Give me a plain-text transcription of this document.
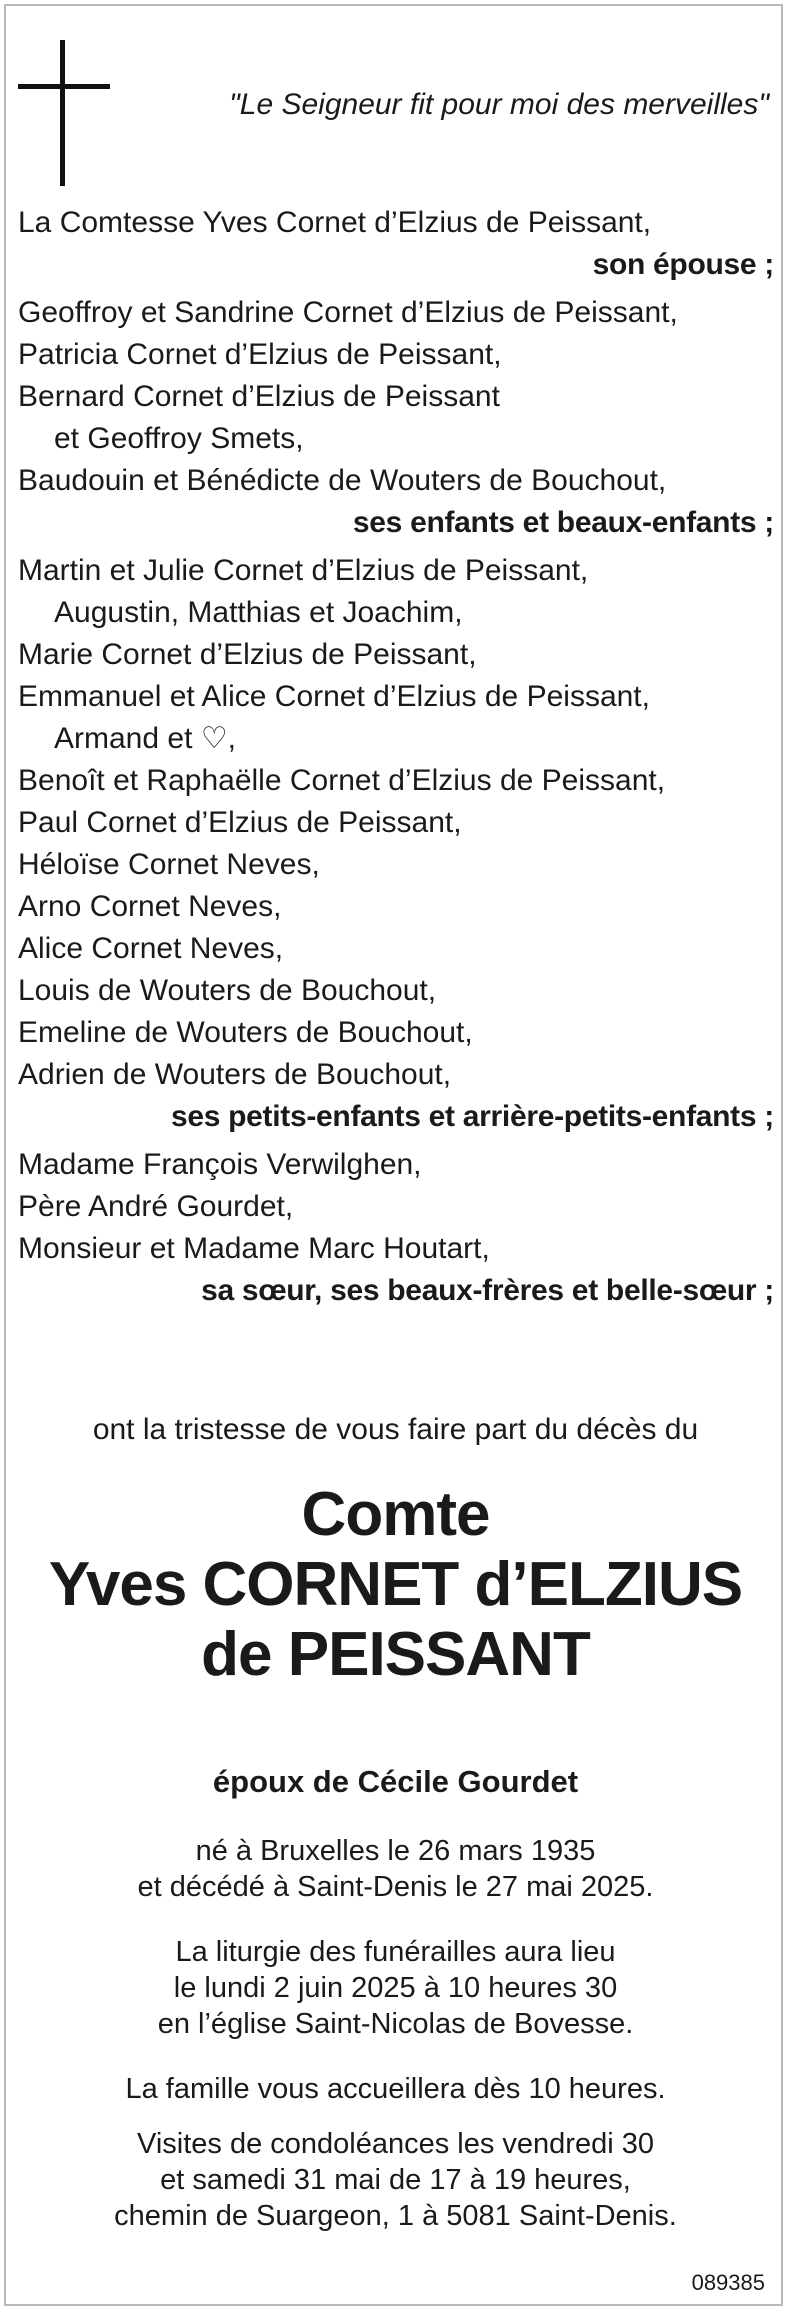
"Le Seigneur fit pour moi des merveilles"
La Comtesse Yves Cornet d’Elzius de Peissant,
son épouse ;
Geoffroy et Sandrine Cornet d’Elzius de Peissant,
Patricia Cornet d’Elzius de Peissant,
Bernard Cornet d’Elzius de Peissant
et Geoffroy Smets,
Baudouin et Bénédicte de Wouters de Bouchout,
ses enfants et beaux-enfants ;
Martin et Julie Cornet d’Elzius de Peissant,
Augustin, Matthias et Joachim,
Marie Cornet d’Elzius de Peissant,
Emmanuel et Alice Cornet d’Elzius de Peissant,
Armand et ♡,
Benoît et Raphaëlle Cornet d’Elzius de Peissant,
Paul Cornet d’Elzius de Peissant,
Héloïse Cornet Neves,
Arno Cornet Neves,
Alice Cornet Neves,
Louis de Wouters de Bouchout,
Emeline de Wouters de Bouchout,
Adrien de Wouters de Bouchout,
ses petits-enfants et arrière-petits-enfants ;
Madame François Verwilghen,
Père André Gourdet,
Monsieur et Madame Marc Houtart,
sa sœur, ses beaux-frères et belle-sœur ;
ont la tristesse de vous faire part du décès du
Comte
Yves CORNET d’ELZIUS
de PEISSANT
époux de Cécile Gourdet
né à Bruxelles le 26 mars 1935
et décédé à Saint-Denis le 27 mai 2025.
La liturgie des funérailles aura lieu
le lundi 2 juin 2025 à 10 heures 30
en l’église Saint-Nicolas de Bovesse.
La famille vous accueillera dès 10 heures.
Visites de condoléances les vendredi 30
et samedi 31 mai de 17 à 19 heures,
chemin de Suargeon, 1 à 5081 Saint-Denis.
089385
